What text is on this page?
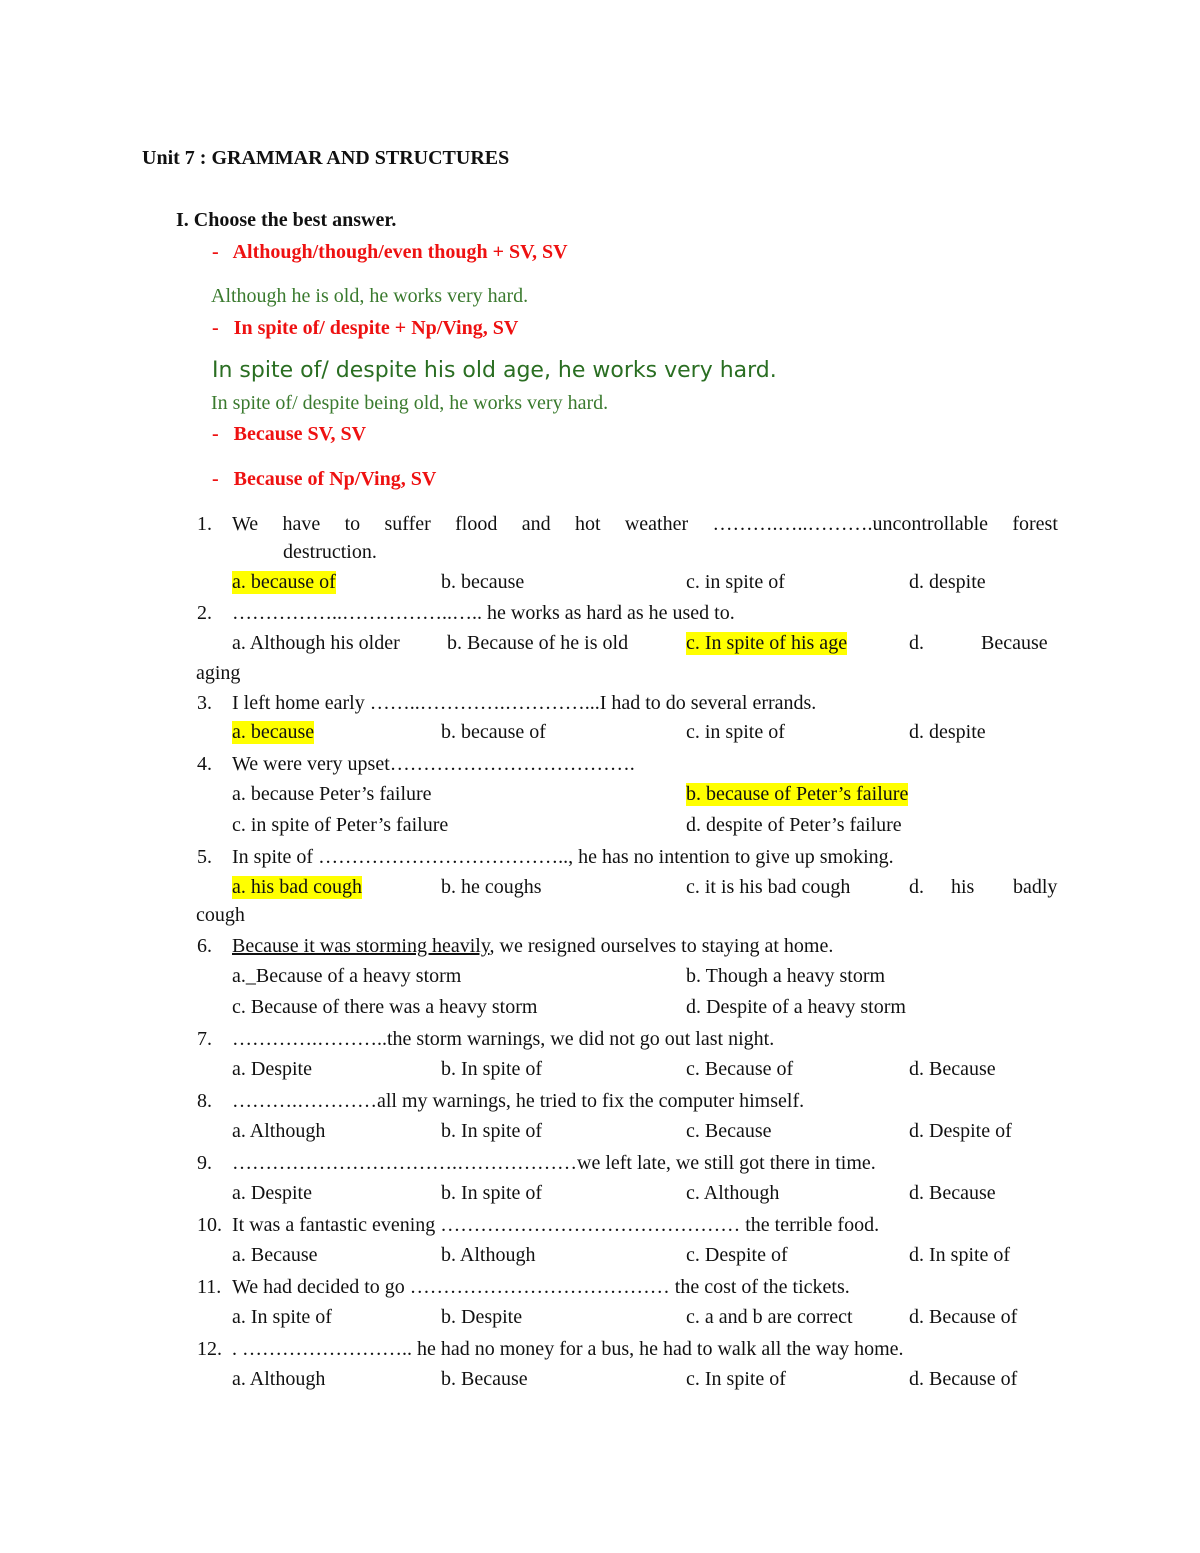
Unit 7 : GRAMMAR AND STRUCTURES
I. Choose the best answer.
- Although/though/even though + SV, SV
Although he is old, he works very hard.
- In spite of/ despite + Np/Ving, SV
In spite of/ despite his old age, he works very hard.
In spite of/ despite being old, he works very hard.
- Because SV, SV
- Because of Np/Ving, SV
1. We have to suffer flood and hot weather ……….…..……….uncontrollable forest
destruction.
a. because of	b. because	c. in spite of	d. despite
2. ……………..……………..….. he works as hard as he used to.
a. Although his older b. Because of he is old	c. In spite of his age	d.	Because
aging
3. I left home early ……..………….…………...I had to do several errands.
a. because	b. because of	c. in spite of	d. despite
4. We were very upset……………………………….
a. because Peter’s failure	b. because of Peter’s failure
c. in spite of Peter’s failure	d. despite of Peter’s failure
5. In spite of ……………………………….., he has no intention to give up smoking.
a. his bad cough	b. he coughs	c. it is his bad cough	d. his badly
cough
6. Because it was storming heavily, we resigned ourselves to staying at home.
a._Because of a heavy storm	b. Though a heavy storm
c. Because of there was a heavy storm	d. Despite of a heavy storm
7. ………….………..the storm warnings, we did not go out last night.
a. Despite	b. In spite of	c. Because of	d. Because
8. ……….…………all my warnings, he tried to fix the computer himself.
a. Although	b. In spite of	c. Because	d. Despite of
9. …………………………….………………we left late, we still got there in time.
a. Despite	b. In spite of	c. Although	d. Because
10. It was a fantastic evening ……………………………………… the terrible food.
a. Because	b. Although	c. Despite of	d. In spite of
11. We had decided to go ………………………………… the cost of the tickets.
a. In spite of	b. Despite	c. a and b are correct	d. Because of
12. . …………………….. he had no money for a bus, he had to walk all the way home.
a. Although	b. Because	c. In spite of	d. Because of
